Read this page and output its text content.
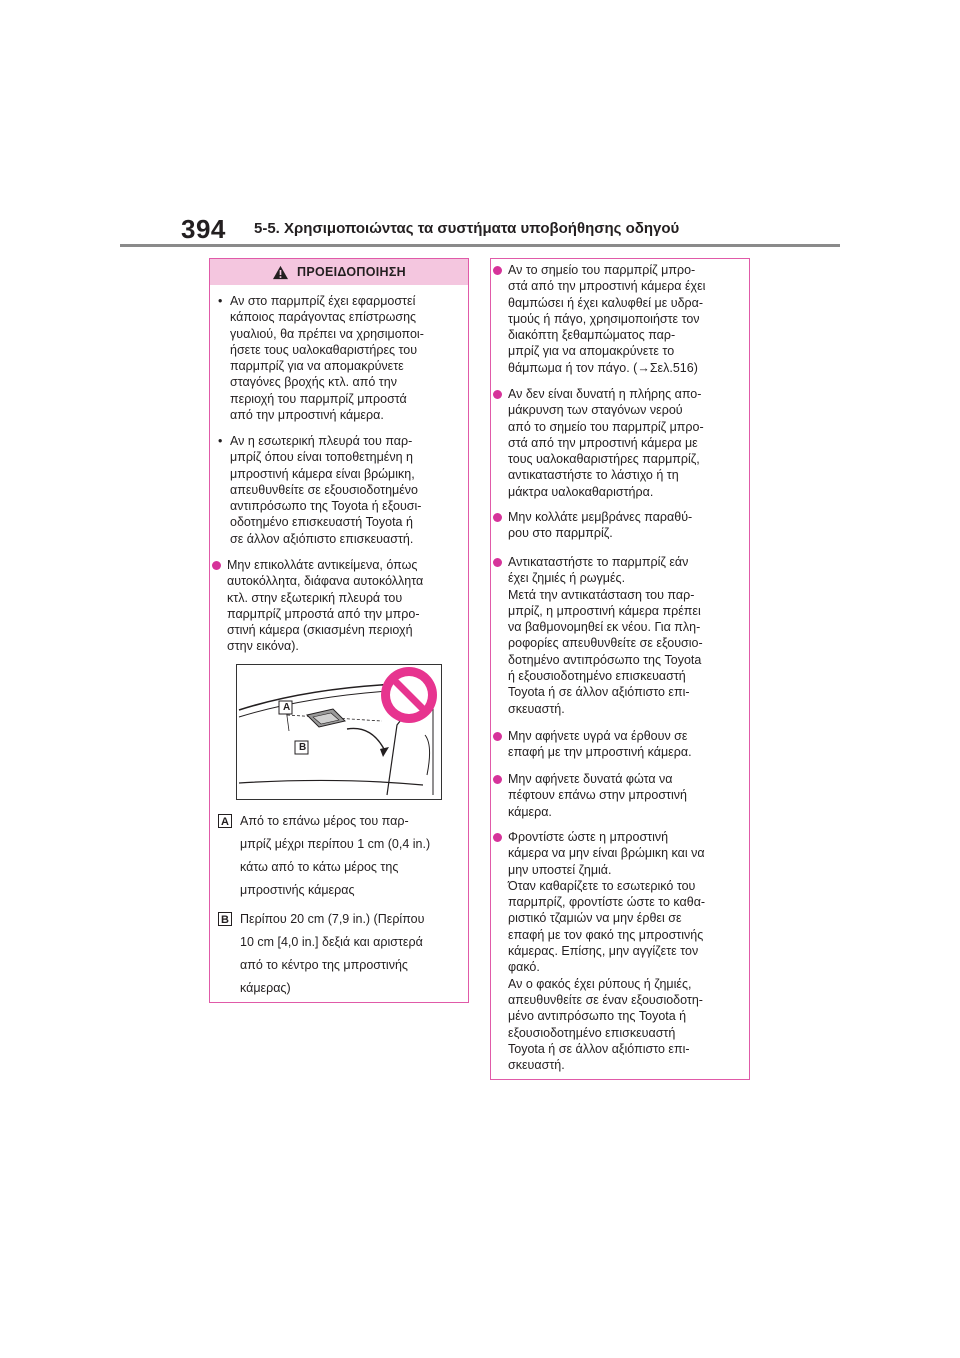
394 5-5. Χρησιμοποιώντας τα συστήματα υποβοήθησης οδηγού
ΠΡΟΕΙΔΟΠΟΙΗΣΗ
• Αν στο παρμπρίζ έχει εφαρμοστεί
κάποιος παράγοντας επίστρωσης
γυαλιού, θα πρέπει να χρησιμοποι-
ήσετε τους υαλοκαθαριστήρες του
παρμπρίζ για να απομακρύνετε
σταγόνες βροχής κτλ. από την
περιοχή του παρμπρίζ μπροστά
από την μπροστινή κάμερα.
• Αν η εσωτερική πλευρά του παρ-
μπρίζ όπου είναι τοποθετημένη η
μπροστινή κάμερα είναι βρώμικη,
απευθυνθείτε σε εξουσιοδοτημένο
αντιπρόσωπο της Toyota ή εξουσι-
οδοτημένο επισκευαστή Toyota ή
σε άλλον αξιόπιστο επισκευαστή.
Μην επικολλάτε αντικείμενα, όπως
αυτοκόλλητα, διάφανα αυτοκόλλητα
κτλ. στην εξωτερική πλευρά του
παρμπρίζ μπροστά από την μπρο-
στινή κάμερα (σκιασμένη περιοχή
στην εικόνα).
A
B
A Από το επάνω μέρος του παρ-
μπρίζ μέχρι περίπου 1 cm (0,4 in.)
κάτω από το κάτω μέρος της
μπροστινής κάμερας
B Περίπου 20 cm (7,9 in.) (Περίπου
10 cm [4,0 in.] δεξιά και αριστερά
από το κέντρο της μπροστινής
κάμερας)
Αν το σημείο του παρμπρίζ μπρο-
στά από την μπροστινή κάμερα έχει
θαμπώσει ή έχει καλυφθεί με υδρα-
τμούς ή πάγο, χρησιμοποιήστε τον
διακόπτη ξεθαμπώματος παρ-
μπρίζ για να απομακρύνετε το
θάμπωμα ή τον πάγο. (→Σελ.516)
Αν δεν είναι δυνατή η πλήρης απο-
μάκρυνση των σταγόνων νερού
από το σημείο του παρμπρίζ μπρο-
στά από την μπροστινή κάμερα με
τους υαλοκαθαριστήρες παρμπρίζ,
αντικαταστήστε το λάστιχο ή τη
μάκτρα υαλοκαθαριστήρα.
Μην κολλάτε μεμβράνες παραθύ-
ρου στο παρμπρίζ.
Αντικαταστήστε το παρμπρίζ εάν
έχει ζημιές ή ρωγμές.
Μετά την αντικατάσταση του παρ-
μπρίζ, η μπροστινή κάμερα πρέπει
να βαθμονομηθεί εκ νέου. Για πλη-
ροφορίες απευθυνθείτε σε εξουσιο-
δοτημένο αντιπρόσωπο της Toyota
ή εξουσιοδοτημένο επισκευαστή
Toyota ή σε άλλον αξιόπιστο επι-
σκευαστή.
Μην αφήνετε υγρά να έρθουν σε
επαφή με την μπροστινή κάμερα.
Μην αφήνετε δυνατά φώτα να
πέφτουν επάνω στην μπροστινή
κάμερα.
Φροντίστε ώστε η μπροστινή
κάμερα να μην είναι βρώμικη και να
μην υποστεί ζημιά.
Όταν καθαρίζετε το εσωτερικό του
παρμπρίζ, φροντίστε ώστε το καθα-
ριστικό τζαμιών να μην έρθει σε
επαφή με τον φακό της μπροστινής
κάμερας. Επίσης, μην αγγίζετε τον
φακό.
Αν ο φακός έχει ρύπους ή ζημιές,
απευθυνθείτε σε έναν εξουσιοδοτη-
μένο αντιπρόσωπο της Toyota ή
εξουσιοδοτημένο επισκευαστή
Toyota ή σε άλλον αξιόπιστο επι-
σκευαστή.
